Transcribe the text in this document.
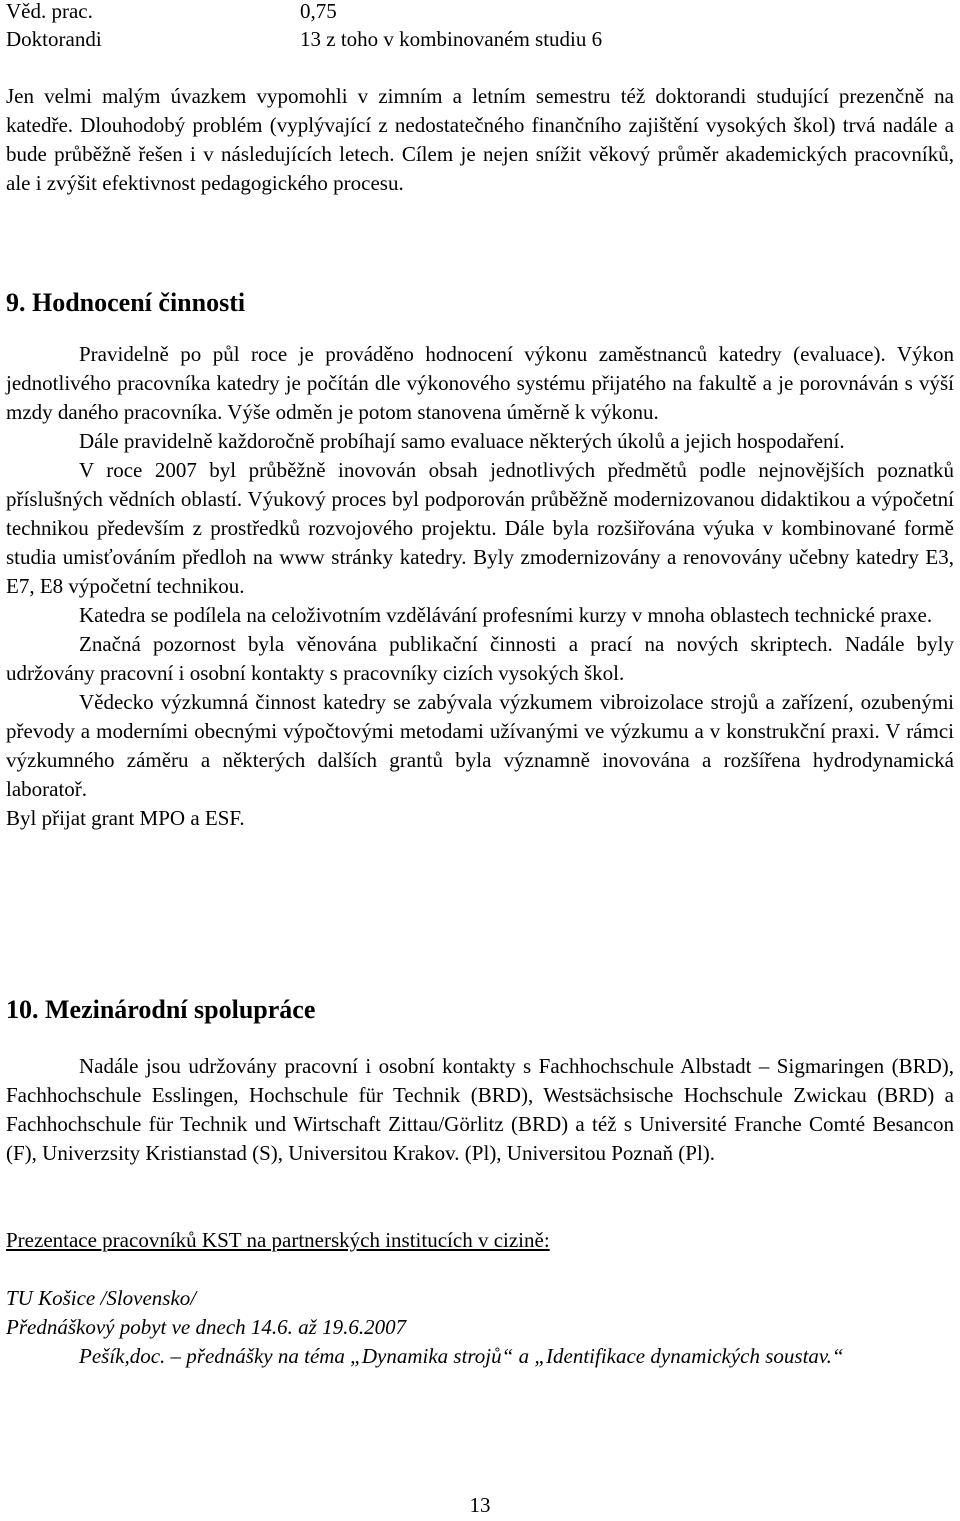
Věd. prac.	0,75
Doktorandi	13 z toho v kombinovaném studiu 6

Jen velmi malým úvazkem vypomohli v zimním a letním semestru též doktorandi studující prezenčně na katedře. Dlouhodobý problém (vyplývající z nedostatečného finančního zajištění vysokých škol) trvá nadále a bude průběžně řešen i v následujících letech. Cílem je nejen snížit věkový průměr akademických pracovníků, ale i zvýšit efektivnost pedagogického procesu.

9. Hodnocení činnosti

Pravidelně po půl roce je prováděno hodnocení výkonu zaměstnanců katedry (evaluace). Výkon jednotlivého pracovníka katedry je počítán dle výkonového systému přijatého na fakultě a je porovnáván s výší mzdy daného pracovníka. Výše odměn je potom stanovena úměrně k výkonu.

Dále pravidelně každoročně probíhají samo evaluace některých úkolů a jejich hospodaření.

V roce 2007 byl průběžně inovován obsah jednotlivých předmětů podle nejnovějších poznatků příslušných vědních oblastí. Výukový proces byl podporován průběžně modernizovanou didaktikou a výpočetní technikou především z prostředků rozvojového projektu. Dále byla rozšiřována výuka v kombinované formě studia umisťováním předloh na www stránky katedry. Byly zmodernizovány a renovovány učebny katedry E3, E7, E8 výpočetní technikou.

Katedra se podílela na celoživotním vzdělávání profesními kurzy v mnoha oblastech technické praxe.

Značná pozornost byla věnována publikační činnosti a prací na nových skriptech. Nadále byly udržovány pracovní i osobní kontakty s pracovníky cizích vysokých škol.

Vědecko výzkumná činnost katedry se zabývala výzkumem vibroizolace strojů a zařízení, ozubenými převody a moderními obecnými výpočtovými metodami užívanými ve výzkumu a v konstrukční praxi. V rámci výzkumného záměru a některých dalších grantů byla významně inovována a rozšířena hydrodynamická laboratoř.

Byl přijat grant MPO a ESF.

10. Mezinárodní spolupráce

Nadále jsou udržovány pracovní i osobní kontakty s Fachhochschule Albstadt – Sigmaringen (BRD), Fachhochschule Esslingen, Hochschule für Technik (BRD), Westsächsische Hochschule Zwickau (BRD) a Fachhochschule für Technik und Wirtschaft Zittau/Görlitz (BRD) a též s Université Franche Comté Besancon (F), Univerzsity Kristianstad (S), Universitou Krakov. (Pl), Universitou Poznaň (Pl).

Prezentace pracovníků KST na partnerských institucích v cizině:

TU Košice /Slovensko/

Přednáškový pobyt ve dnech 14.6. až 19.6.2007

Pešík,doc. – přednášky na téma „Dynamika strojů“ a „Identifikace dynamických soustav.“

13
